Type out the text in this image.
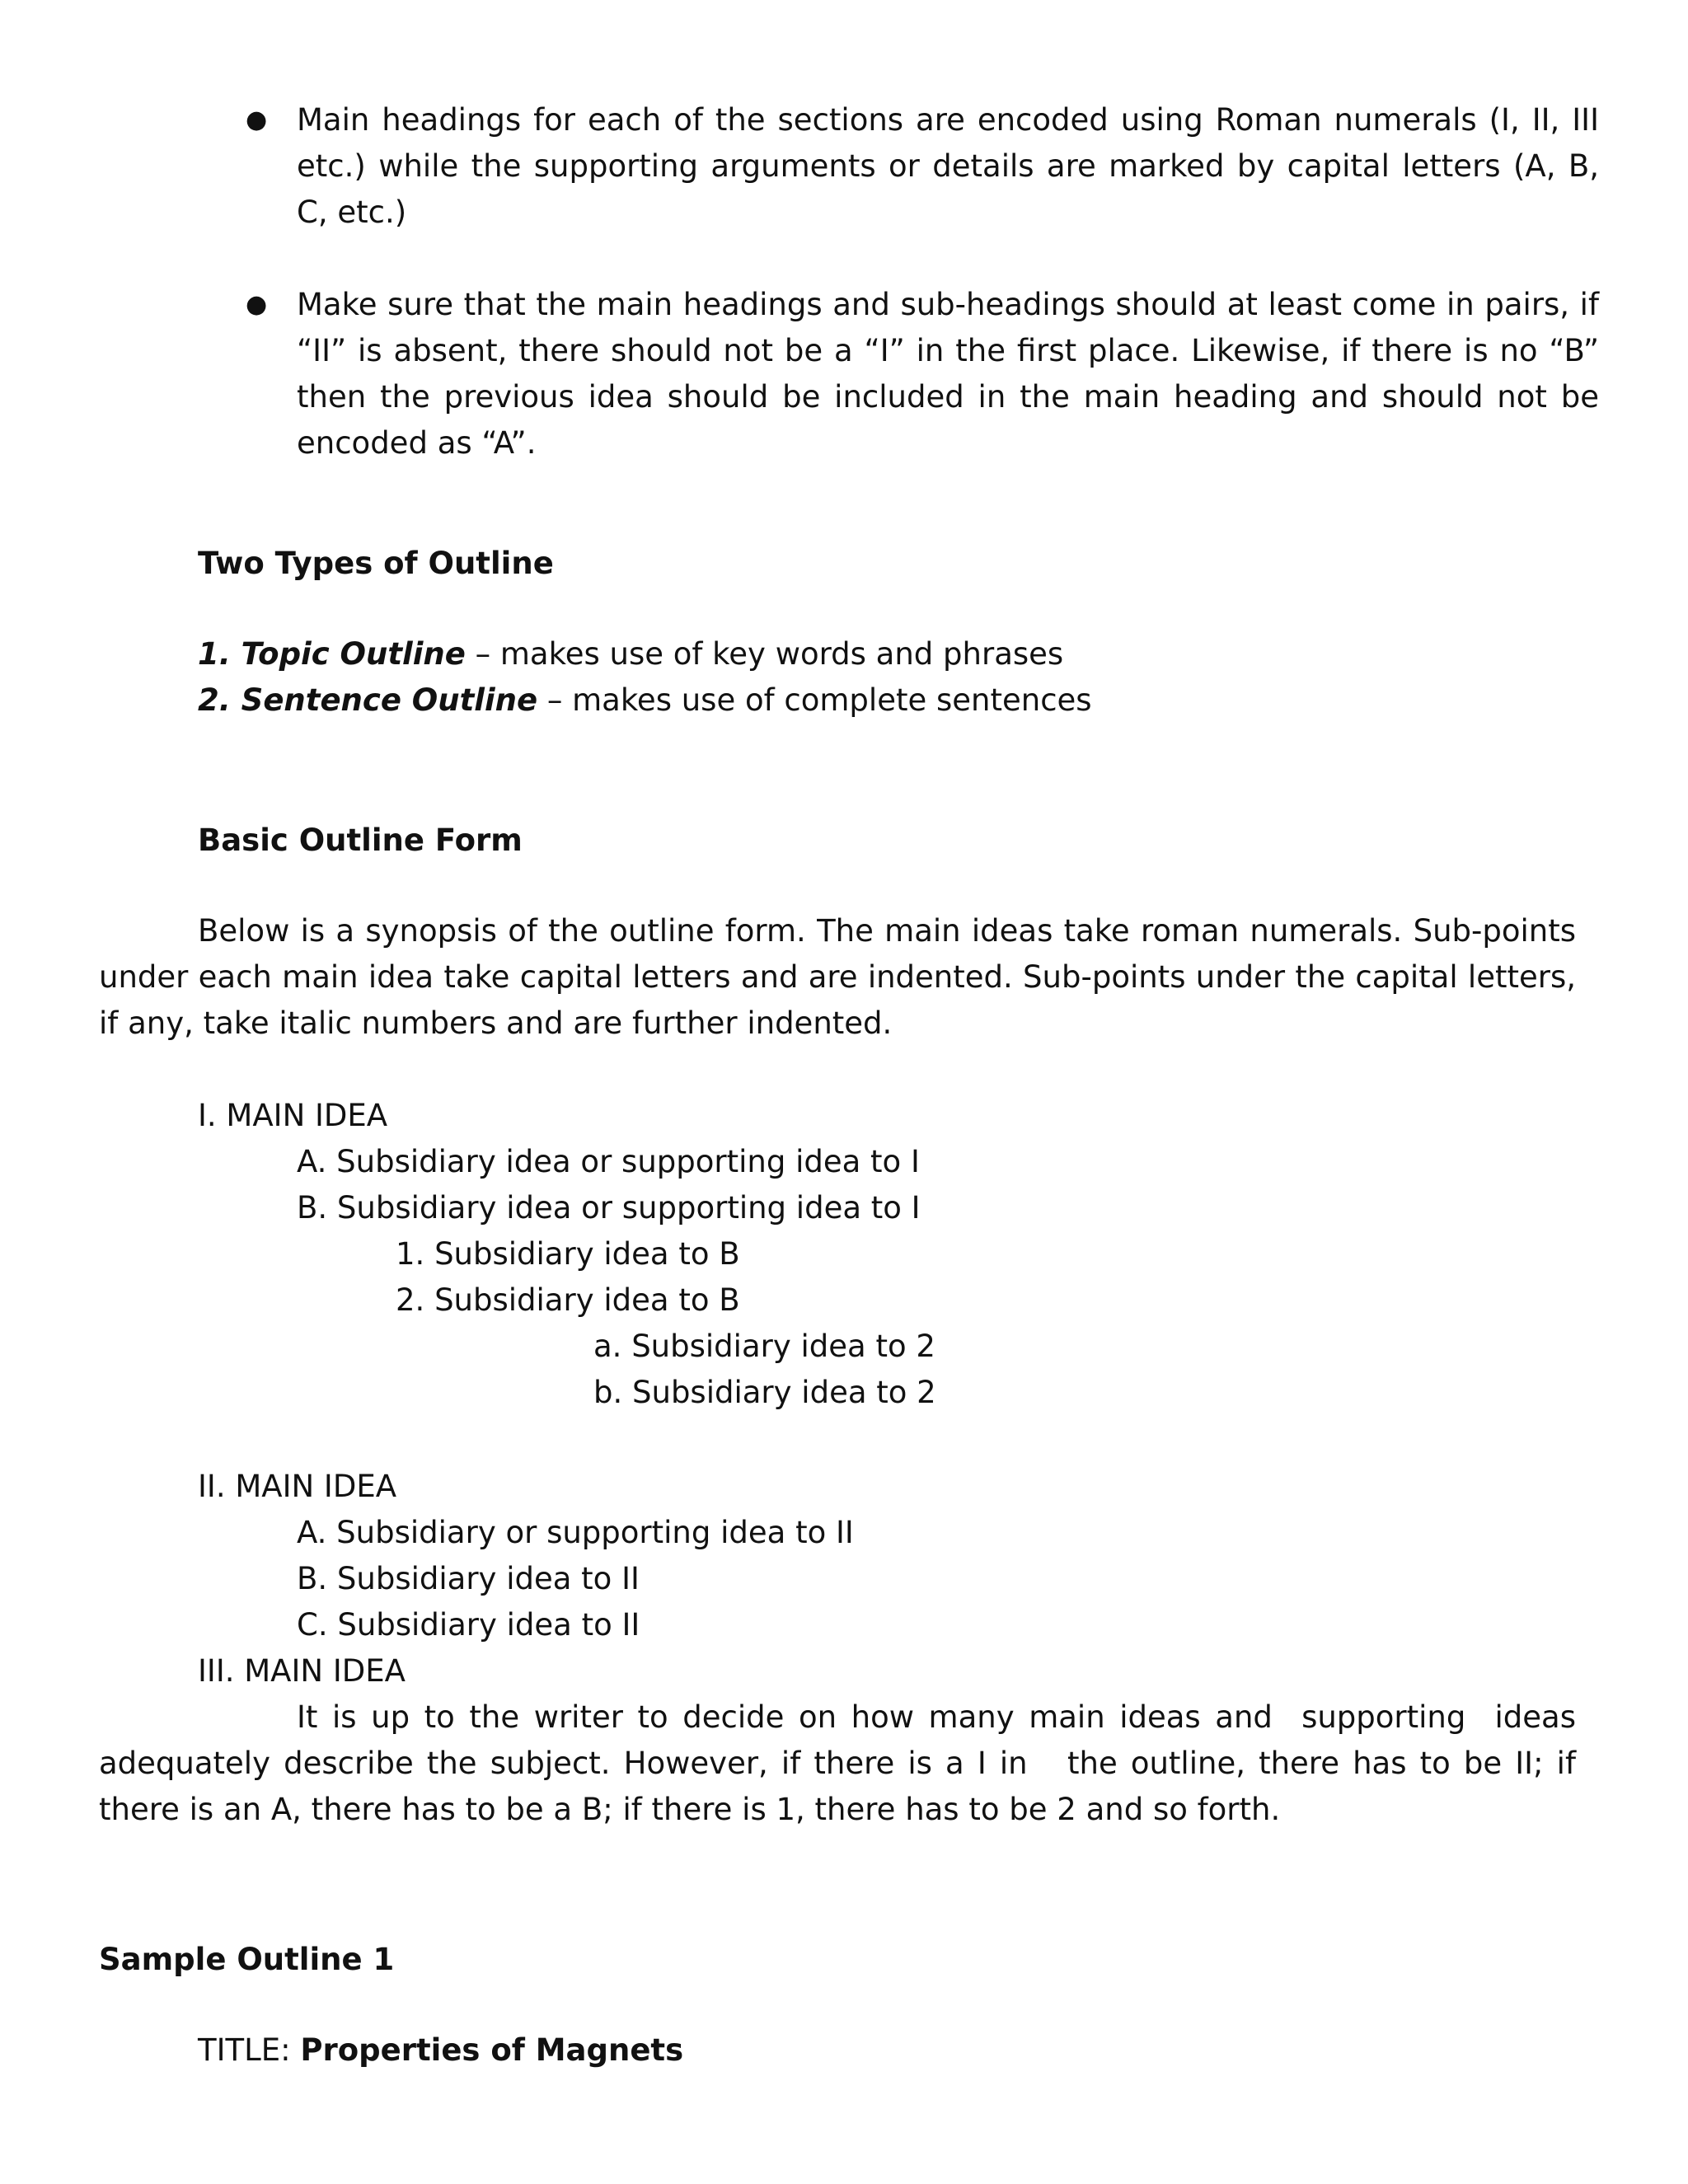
● Main headings for each of the sections are encoded using Roman numerals (I, II, III etc.) while the supporting arguments or details are marked by capital letters (A, B, C, etc.)
● Make sure that the main headings and sub-headings should at least come in pairs, if “II” is absent, there should not be a “I” in the first place. Likewise, if there is no “B” then the previous idea should be included in the main heading and should not be encoded as “A”.
Two Types of Outline
1. Topic Outline – makes use of key words and phrases
2. Sentence Outline – makes use of complete sentences
Basic Outline Form

Below is a synopsis of the outline form. The main ideas take roman numerals. Sub-points under each main idea take capital letters and are indented. Sub-points under the capital letters, if any, take italic numbers and are further indented.

I. MAIN IDEA
A. Subsidiary idea or supporting idea to I
B. Subsidiary idea or supporting idea to I
1. Subsidiary idea to B
2. Subsidiary idea to B
a. Subsidiary idea to 2
b. Subsidiary idea to 2
II. MAIN IDEA
A. Subsidiary or supporting idea to II
B. Subsidiary idea to II
C. Subsidiary idea to II
III. MAIN IDEA

It is up to the writer to decide on how many main ideas and  supporting  ideas adequately describe the subject. However, if there is a I in   the outline, there has to be II; if there is an A, there has to be a B; if there is 1, there has to be 2 and so forth.

Sample Outline 1
TITLE: Properties of Magnets
